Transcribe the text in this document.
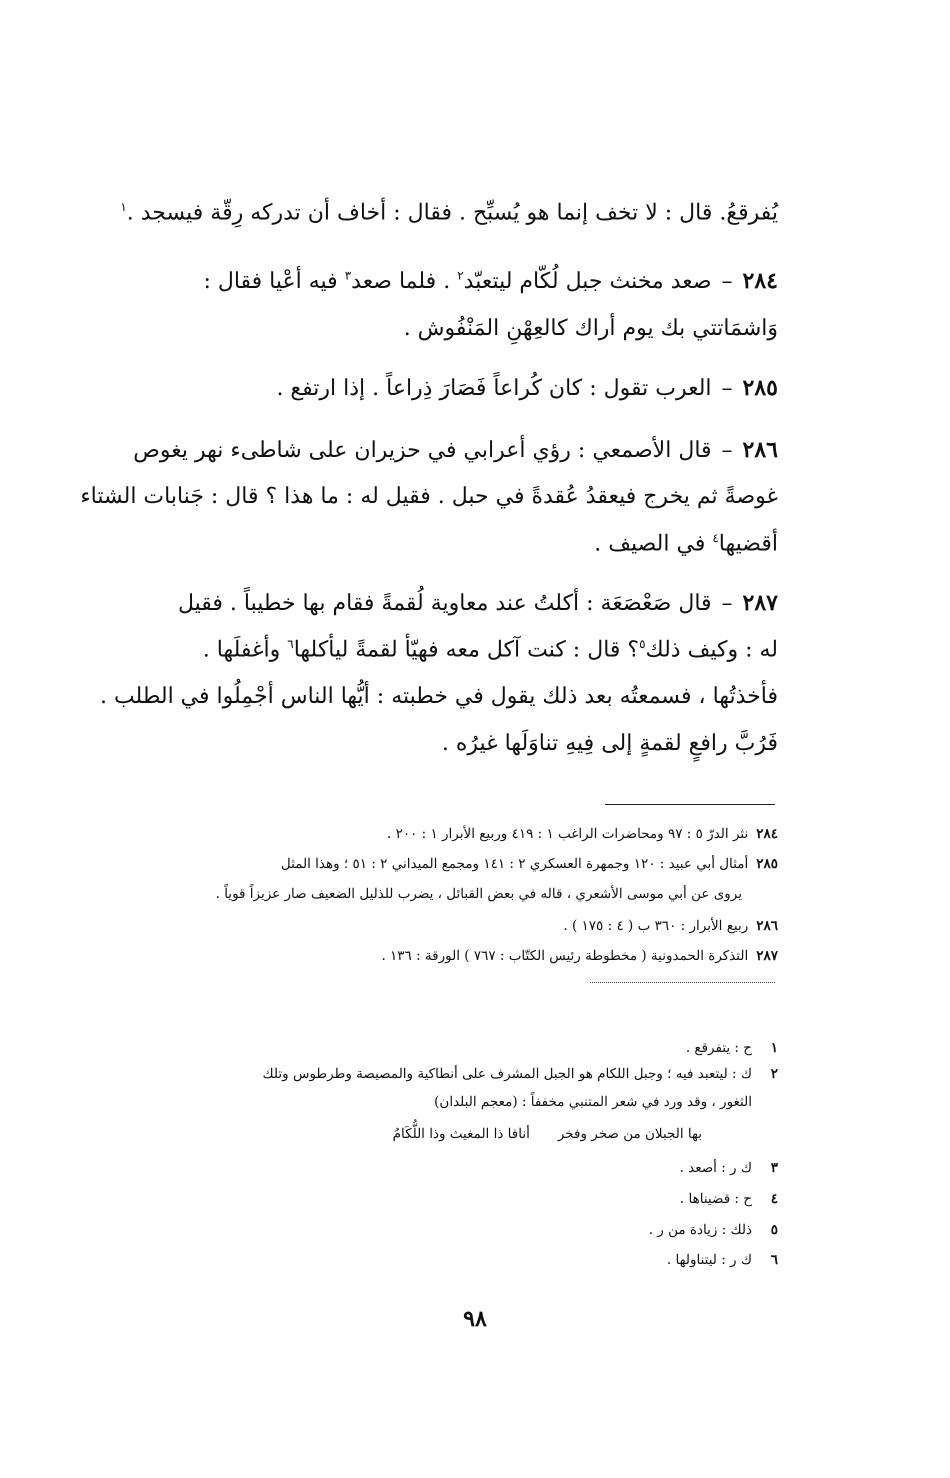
يُفرقعُ. قال : لا تخف إنما هو يُسبِّح . فقال : أخاف أن تدركه رِقّة فيسجد .$^١$
٢٨٤–صعد مخنث جبل لُكّام ليتعبّد$^٢$ . فلما صعد$^٣$ فيه أعْيا فقال :
وَاشمَاتتي بك يوم أراك كالعِهْنِ المَنْفُوش .
٢٨٥–العرب تقول : كان كُراعاً فَصَارَ ذِراعاً . إذا ارتفع .
٢٨٦–قال الأصمعي : رؤي أعرابي في حزيران على شاطىء نهر يغوص
غوصةً ثم يخرج فيعقدُ عُقدةً في حبل . فقيل له : ما هذا ؟ قال : جَنابات الشتاء
أقضيها$^٤$ في الصيف .
٢٨٧–قال صَعْصَعَة : أكلتُ عند معاوية لُقمةً فقام بها خطيباً . فقيل
له : وكيف ذلك$^٥$؟ قال : كنت آكل معه فهيّأ لقمةً ليأكلها$^٦$ وأغفلَها .
فأخذتُها ، فسمعتُه بعد ذلك يقول في خطبته : أيُّها الناس أجْمِلُوا في الطلب .
فَرُبَّ رافعٍ لقمةٍ إلى فِيهِ تناوَلَها غيرُه .
٢٨٤نثر الدرّ ٥ : ٩٧ ومحاضرات الراغب ١ : ٤١٩ وربيع الأبرار ١ : ٢٠٠ .
٢٨٥أمثال أبي عبيد : ١٢٠ وجمهرة العسكري ٢ : ١٤١ ومجمع الميداني ٢ : ٥١ ؛ وهذا المثل
يروى عن أبي موسى الأشعري ، قاله في بعض القبائل ، يضرب للذليل الضعيف صار عزيزاً قوياً .
٢٨٦ربيع الأبرار : ٣٦٠ ب ( ٤ : ١٧٥ ) .
٢٨٧التذكرة الحمدونية ( مخطوطة رئيس الكتّاب : ٧٦٧ ) الورقة : ١٣٦ .
١ح : يتفرقع .
٢ك : ليتعبد فيه ؛ وجبل اللكام هو الجبل المشرف على أنطاكية والمصيصة وطرطوس وتلك
الثغور ، وقد ورد في شعر المتنبي مخففاً : (معجم البلدان)
بها الجبلان من صخر وفخرأنافا ذا المغيث وذا اللُّكَامُ
٣ك ر : أصعد .
٤ح : قضيناها .
٥ذلك : زيادة من ر .
٦ك ر : ليتناولها .
٩٨
